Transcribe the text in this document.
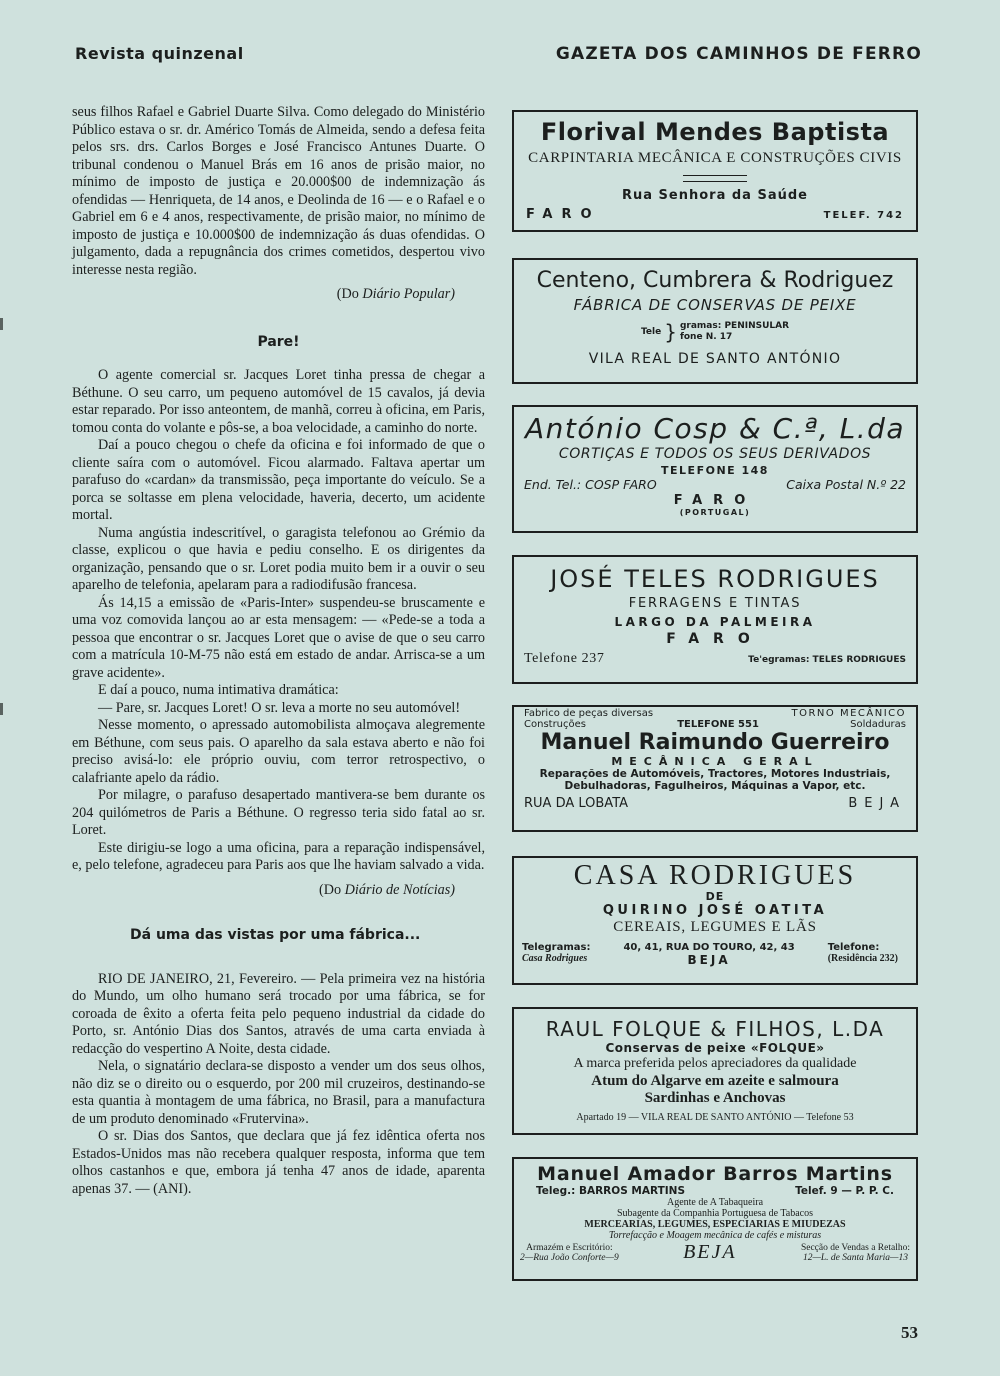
Revista quinzenal	GAZETA DOS CAMINHOS DE FERRO

seus filhos Rafael e Gabriel Duarte Silva. Como delegado do Ministério Público estava o sr. dr. Américo Tomás de Almeida, sendo a defesa feita pelos srs. drs. Carlos Borges e José Francisco Antunes Duarte. O tribunal condenou o Manuel Brás em 16 anos de prisão maior, no mínimo de imposto de justiça e 20.000$00 de indemnização ás ofendidas — Henriqueta, de 14 anos, e Deolinda de 16 — e o Rafael e o Gabriel em 6 e 4 anos, respectivamente, de prisão maior, no mínimo de imposto de justiça e 10.000$00 de indemnização ás duas ofendidas. O julgamento, dada a repugnância dos crimes cometidos, despertou vivo interesse nesta região.

(Do Diário Popular)

Pare!

O agente comercial sr. Jacques Loret tinha pressa de chegar a Béthune. O seu carro, um pequeno automóvel de 15 cavalos, já devia estar reparado. Por isso anteontem, de manhã, correu à oficina, em Paris, tomou conta do volante e pôs-se, a boa velocidade, a caminho do norte.

Daí a pouco chegou o chefe da oficina e foi informado de que o cliente saíra com o automóvel. Ficou alarmado. Faltava apertar um parafuso do «cardan» da transmissão, peça importante do veículo. Se a porca se soltasse em plena velocidade, haveria, decerto, um acidente mortal.

Numa angústia indescritível, o garagista telefonou ao Grémio da classe, explicou o que havia e pediu conselho. E os dirigentes da organização, pensando que o sr. Loret podia muito bem ir a ouvir o seu aparelho de telefonia, apelaram para a radiodifusão francesa.

Ás 14,15 a emissão de «Paris-Inter» suspendeu-se bruscamente e uma voz comovida lançou ao ar esta mensagem: — «Pede-se a toda a pessoa que encontrar o sr. Jacques Loret que o avise de que o seu carro com a matrícula 10-M-75 não está em estado de andar. Arrisca-se a um grave acidente».

E daí a pouco, numa intimativa dramática:

— Pare, sr. Jacques Loret! O sr. leva a morte no seu automóvel!

Nesse momento, o apressado automobilista almoçava alegremente em Béthune, com seus pais. O aparelho da sala estava aberto e não foi preciso avisá-lo: ele próprio ouviu, com terror retrospectivo, o calafriante apelo da rádio.

Por milagre, o parafuso desapertado mantivera-se bem durante os 204 quilómetros de Paris a Béthune. O regresso teria sido fatal ao sr. Loret.

Este dirigiu-se logo a uma oficina, para a reparação indispensável, e, pelo telefone, agradeceu para Paris aos que lhe haviam salvado a vida.

(Do Diário de Notícias)

Dá uma das vistas por uma fábrica...

RIO DE JANEIRO, 21, Fevereiro. — Pela primeira vez na história do Mundo, um olho humano será trocado por uma fábrica, se for coroada de êxito a oferta feita pelo pequeno industrial da cidade do Porto, sr. António Dias dos Santos, através de uma carta enviada à redacção do vespertino A Noite, desta cidade.

Nela, o signatário declara-se disposto a vender um dos seus olhos, não diz se o direito ou o esquerdo, por 200 mil cruzeiros, destinando-se esta quantia à montagem de uma fábrica, no Brasil, para a manufactura de um produto denominado «Frutervina».

O sr. Dias dos Santos, que declara que já fez idêntica oferta nos Estados-Unidos mas não recebera qualquer resposta, informa que tem olhos castanhos e que, embora já tenha 47 anos de idade, aparenta apenas 37. — (ANI).

Florival Mendes Baptista
CARPINTARIA MECÂNICA E CONSTRUÇÕES CIVIS
Rua Senhora da Saúde
FARO	TELEF. 742
Centeno, Cumbrera & Rodriguez
FÁBRICA DE CONSERVAS DE PEIXE
Tele } gramas: PENINSULAR
fone N. 17
VILA REAL DE SANTO ANTÓNIO
António Cosp & C.ª, L.da
CORTIÇAS E TODOS OS SEUS DERIVADOS
TELEFONE 148
End. Tel.: COSP FARO	Caixa Postal N.º 22
FARO
(PORTUGAL)
JOSÉ TELES RODRIGUES
FERRAGENS E TINTAS
LARGO DA PALMEIRA
FARO
Telefone 237	Te'egramas: TELES RODRIGUES
Fabrico de peças diversas	TORNO MECÂNICO
Construções	TELEFONE 551	Soldaduras
Manuel Raimundo Guerreiro
MECÂNICA GERAL
Reparações de Automóveis, Tractores, Motores Industriais,
Debulhadoras, Fagulheiros, Máquinas a Vapor, etc.
RUA DA LOBATA	BEJA
CASA RODRIGUES
DE
QUIRINO JOSÉ OATITA
CEREAIS, LEGUMES E LÃS
Telegramas:
Casa Rodrigues
40, 41, RUA DO TOURO, 42, 43
BEJA
Telefone:
(Residência 232)
RAUL FOLQUE & FILHOS, L.DA
Conservas de peixe «FOLQUE»
A marca preferida pelos apreciadores da qualidade
Atum do Algarve em azeite e salmoura
Sardinhas e Anchovas
Apartado 19 — VILA REAL DE SANTO ANTÓNIO — Telefone 53
Manuel Amador Barros Martins
Teleg.: BARROS MARTINS	Telef. 9 — P. P. C.
Agente de A Tabaqueira
Subagente da Companhia Portuguesa de Tabacos
MERCEARIAS, LEGUMES, ESPECIARIAS E MIUDEZAS
Torrefacção e Moagem mecânica de cafés e misturas
Armazém e Escritório:
2—Rua João Conforte—9	BEJA	Secção de Vendas a Retalho:
12—L. de Santa Maria—13
53
